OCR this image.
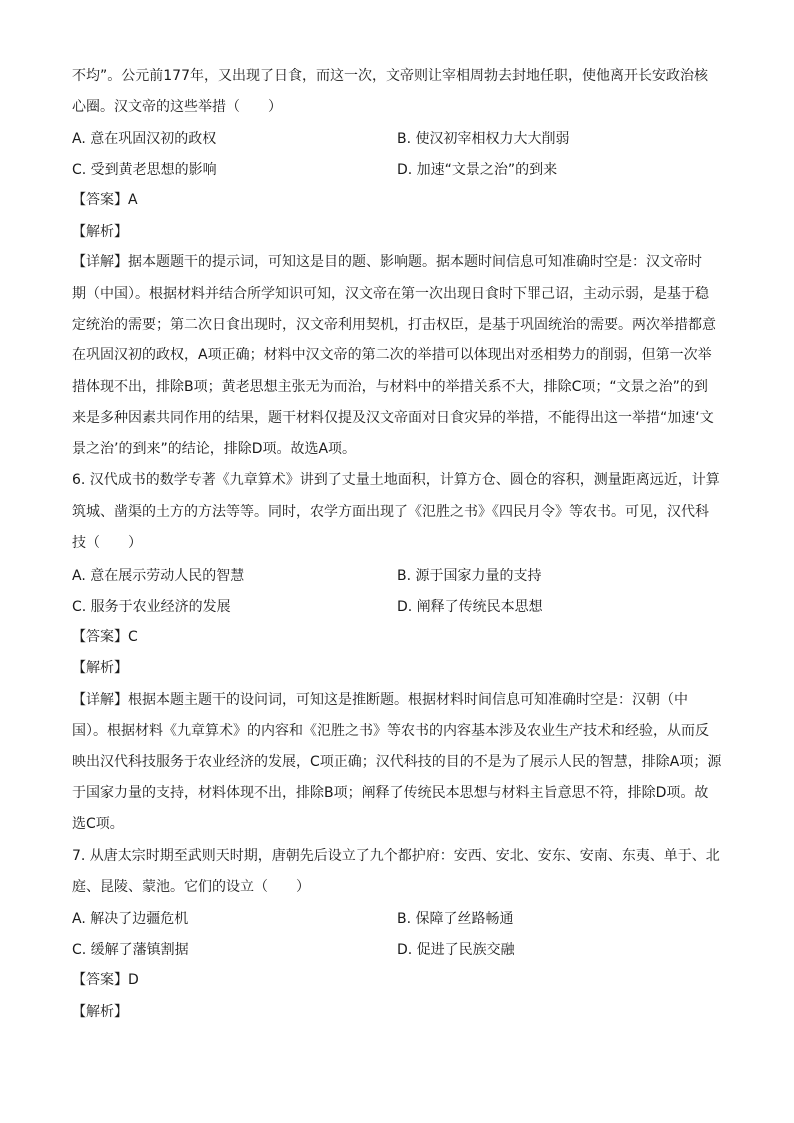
不均”。公元前177年，又出现了日食，而这一次，文帝则让宰相周勃去封地任职，使他离开长安政治核
心圈。汉文帝的这些举措（　　）
A. 意在巩固汉初的政权	B. 使汉初宰相权力大大削弱
C. 受到黄老思想的影响	D. 加速“文景之治”的到来
【答案】A
【解析】
【详解】据本题题干的提示词，可知这是目的题、影响题。据本题时间信息可知准确时空是：汉文帝时
期（中国）。根据材料并结合所学知识可知，汉文帝在第一次出现日食时下罪己诏，主动示弱，是基于稳
定统治的需要；第二次日食出现时，汉文帝利用契机，打击权臣，是基于巩固统治的需要。两次举措都意
在巩固汉初的政权，A项正确；材料中汉文帝的第二次的举措可以体现出对丞相势力的削弱，但第一次举
措体现不出，排除B项；黄老思想主张无为而治，与材料中的举措关系不大，排除C项；“文景之治”的到
来是多种因素共同作用的结果，题干材料仅提及汉文帝面对日食灾异的举措，不能得出这一举措“加速‘文
景之治’的到来”的结论，排除D项。故选A项。
6. 汉代成书的数学专著《九章算术》讲到了丈量土地面积，计算方仓、圆仓的容积，测量距离远近，计算
筑城、凿渠的土方的方法等等。同时，农学方面出现了《氾胜之书》《四民月令》等农书。可见，汉代科
技（　　）
A. 意在展示劳动人民的智慧	B. 源于国家力量的支持
C. 服务于农业经济的发展	D. 阐释了传统民本思想
【答案】C
【解析】
【详解】根据本题主题干的设问词，可知这是推断题。根据材料时间信息可知准确时空是：汉朝（中
国）。根据材料《九章算术》的内容和《氾胜之书》等农书的内容基本涉及农业生产技术和经验，从而反
映出汉代科技服务于农业经济的发展，C项正确；汉代科技的目的不是为了展示人民的智慧，排除A项；源
于国家力量的支持，材料体现不出，排除B项；阐释了传统民本思想与材料主旨意思不符，排除D项。故
选C项。
7. 从唐太宗时期至武则天时期，唐朝先后设立了九个都护府：安西、安北、安东、安南、东夷、单于、北
庭、昆陵、蒙池。它们的设立（　　）
A. 解决了边疆危机	B. 保障了丝路畅通
C. 缓解了藩镇割据	D. 促进了民族交融
【答案】D
【解析】
